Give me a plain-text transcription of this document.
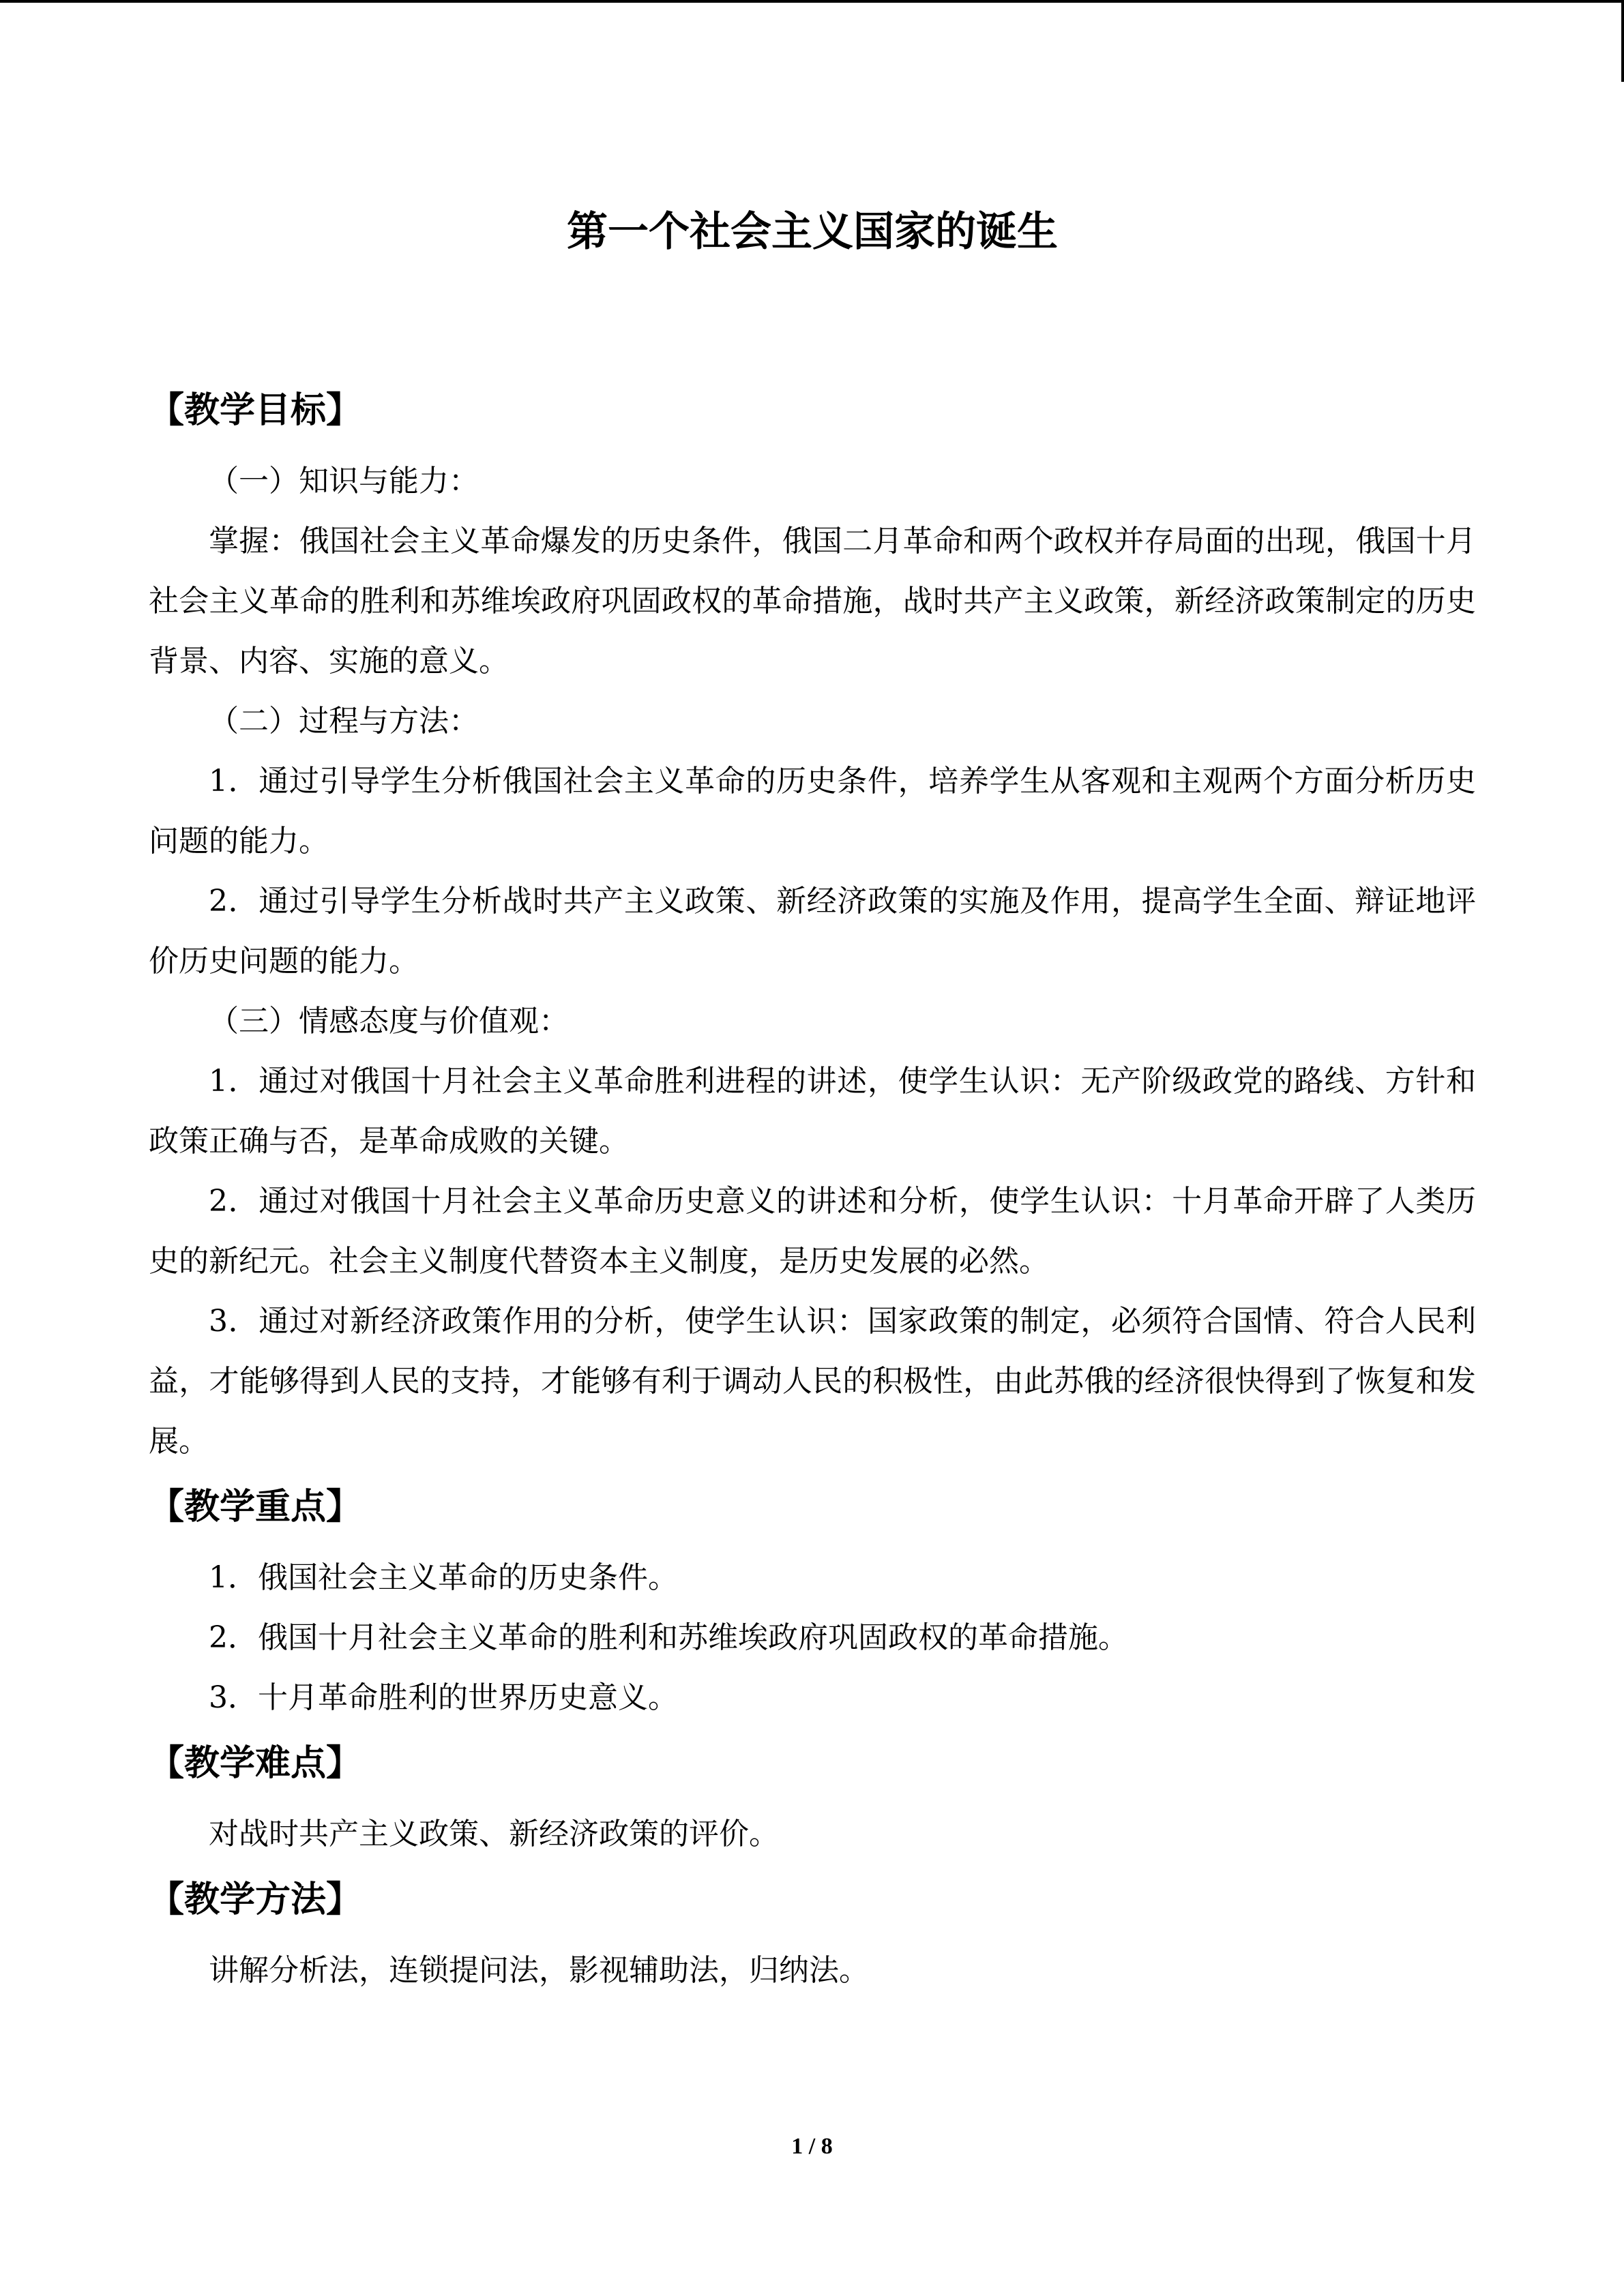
第一个社会主义国家的诞生
【教学目标】

（一）知识与能力：

掌握：俄国社会主义革命爆发的历史条件，俄国二月革命和两个政权并存局面的出现，俄国十月社会主义革命的胜利和苏维埃政府巩固政权的革命措施，战时共产主义政策，新经济政策制定的历史背景、内容、实施的意义。

（二）过程与方法：

1．通过引导学生分析俄国社会主义革命的历史条件，培养学生从客观和主观两个方面分析历史问题的能力。

2．通过引导学生分析战时共产主义政策、新经济政策的实施及作用，提高学生全面、辩证地评价历史问题的能力。

（三）情感态度与价值观：

1．通过对俄国十月社会主义革命胜利进程的讲述，使学生认识：无产阶级政党的路线、方针和政策正确与否，是革命成败的关键。

2．通过对俄国十月社会主义革命历史意义的讲述和分析，使学生认识：十月革命开辟了人类历史的新纪元。社会主义制度代替资本主义制度，是历史发展的必然。

3．通过对新经济政策作用的分析，使学生认识：国家政策的制定，必须符合国情、符合人民利益，才能够得到人民的支持，才能够有利于调动人民的积极性，由此苏俄的经济很快得到了恢复和发展。

【教学重点】

1．俄国社会主义革命的历史条件。

2．俄国十月社会主义革命的胜利和苏维埃政府巩固政权的革命措施。

3．十月革命胜利的世界历史意义。

【教学难点】

对战时共产主义政策、新经济政策的评价。

【教学方法】

讲解分析法，连锁提问法，影视辅助法，归纳法。

1 / 8
